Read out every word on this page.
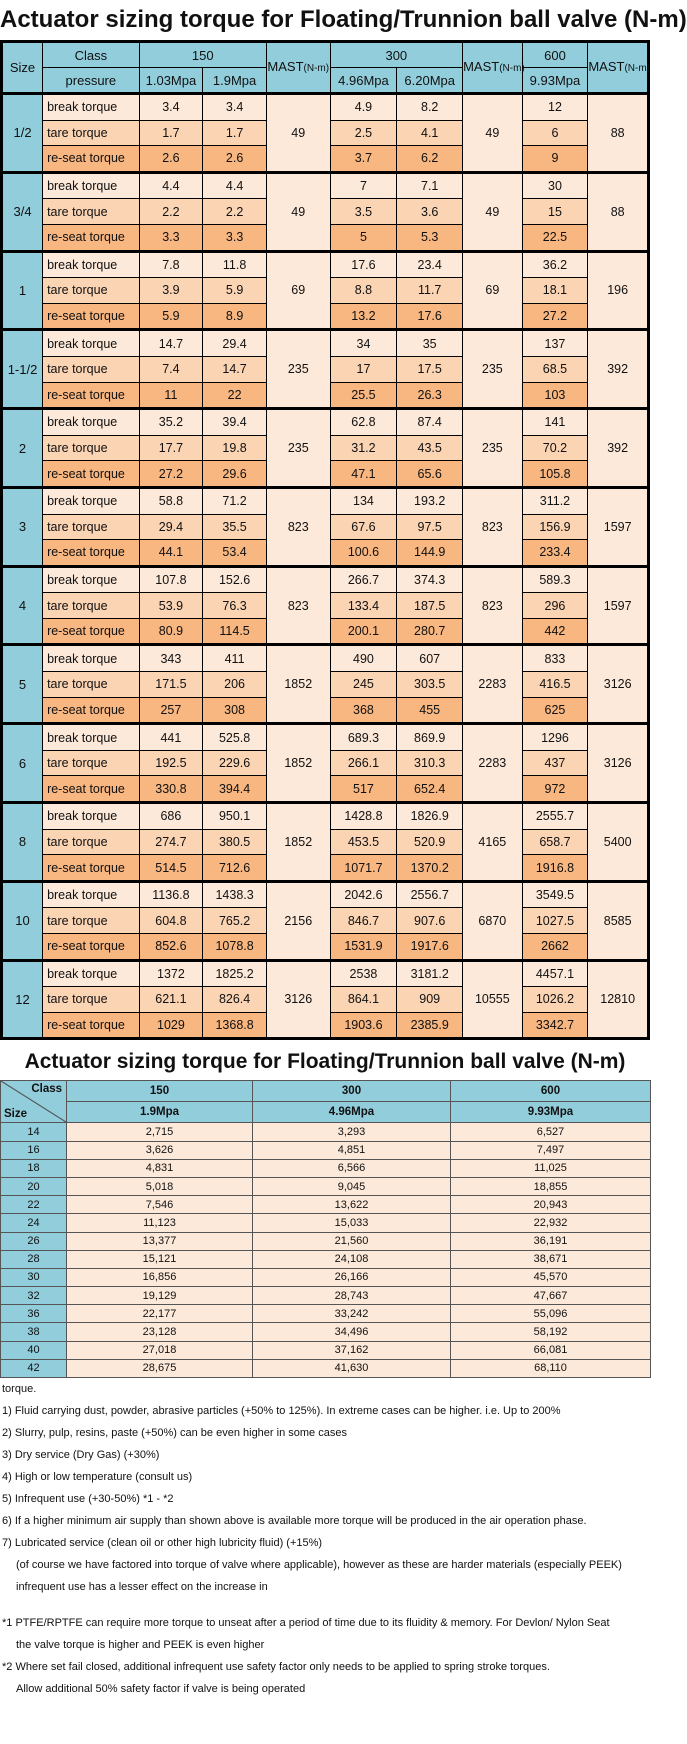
Actuator sizing torque for Floating/Trunnion ball valve (N-m)
Size	Class	150		MAST(N-m)	300		MAST(N-m)	600	MAST(N-m)
	pressure	1.03Mpa	1.9Mpa		4.96Mpa	6.20Mpa		9.93Mpa	
1/2	break torque	3.4	3.4	49	4.9	8.2	49	12	88
	tare torque	1.7	1.7		2.5	4.1		6	
	re-seat torque	2.6	2.6		3.7	6.2		9	
3/4	break torque	4.4	4.4	49	7	7.1	49	30	88
	tare torque	2.2	2.2		3.5	3.6		15	
	re-seat torque	3.3	3.3		5	5.3		22.5	
1	break torque	7.8	11.8	69	17.6	23.4	69	36.2	196
	tare torque	3.9	5.9		8.8	11.7		18.1	
	re-seat torque	5.9	8.9		13.2	17.6		27.2	
1-1/2	break torque	14.7	29.4	235	34	35	235	137	392
	tare torque	7.4	14.7		17	17.5		68.5	
	re-seat torque	11	22		25.5	26.3		103	
2	break torque	35.2	39.4	235	62.8	87.4	235	141	392
	tare torque	17.7	19.8		31.2	43.5		70.2	
	re-seat torque	27.2	29.6		47.1	65.6		105.8	
3	break torque	58.8	71.2	823	134	193.2	823	311.2	1597
	tare torque	29.4	35.5		67.6	97.5		156.9	
	re-seat torque	44.1	53.4		100.6	144.9		233.4	
4	break torque	107.8	152.6	823	266.7	374.3	823	589.3	1597
	tare torque	53.9	76.3		133.4	187.5		296	
	re-seat torque	80.9	114.5		200.1	280.7		442	
5	break torque	343	411	1852	490	607	2283	833	3126
	tare torque	171.5	206		245	303.5		416.5	
	re-seat torque	257	308		368	455		625	
6	break torque	441	525.8	1852	689.3	869.9	2283	1296	3126
	tare torque	192.5	229.6		266.1	310.3		437	
	re-seat torque	330.8	394.4		517	652.4		972	
8	break torque	686	950.1	1852	1428.8	1826.9	4165	2555.7	5400
	tare torque	274.7	380.5		453.5	520.9		658.7	
	re-seat torque	514.5	712.6		1071.7	1370.2		1916.8	
10	break torque	1136.8	1438.3	2156	2042.6	2556.7	6870	3549.5	8585
	tare torque	604.8	765.2		846.7	907.6		1027.5	
	re-seat torque	852.6	1078.8		1531.9	1917.6		2662	
12	break torque	1372	1825.2	3126	2538	3181.2	10555	4457.1	12810
	tare torque	621.1	826.4		864.1	909		1026.2	
	re-seat torque	1029	1368.8		1903.6	2385.9		3342.7	
Actuator sizing torque for Floating/Trunnion ball valve (N-m)
Class
Size	150	300	600
	1.9Mpa	4.96Mpa	9.93Mpa
14	2,715	3,293	6,527
16	3,626	4,851	7,497
18	4,831	6,566	11,025
20	5,018	9,045	18,855
22	7,546	13,622	20,943
24	11,123	15,033	22,932
26	13,377	21,560	36,191
28	15,121	24,108	38,671
30	16,856	26,166	45,570
32	19,129	28,743	47,667
36	22,177	33,242	55,096
38	23,128	34,496	58,192
40	27,018	37,162	66,081
42	28,675	41,630	68,110
torque.
1) Fluid carrying dust, powder, abrasive particles (+50% to 125%). In extreme cases can be higher. i.e. Up to 200%
2) Slurry, pulp, resins, paste (+50%) can be even higher in some cases
3) Dry service (Dry Gas) (+30%)
4) High or low temperature (consult us)
5) Infrequent use (+30-50%) *1 - *2
6) If a higher minimum air supply than shown above is available more torque will be produced in the air operation phase.
7) Lubricated service (clean oil or other high lubricity fluid) (+15%)
(of course we have factored into torque of valve where applicable), however as these are harder materials (especially PEEK)
infrequent use has a lesser effect on the increase in
*1 PTFE/RPTFE can require more torque to unseat after a period of time due to its fluidity & memory. For Devlon/ Nylon Seat
the valve torque is higher and PEEK is even higher
*2 Where set fail closed, additional infrequent use safety factor only needs to be applied to spring stroke torques.
Allow additional 50% safety factor if valve is being operated
